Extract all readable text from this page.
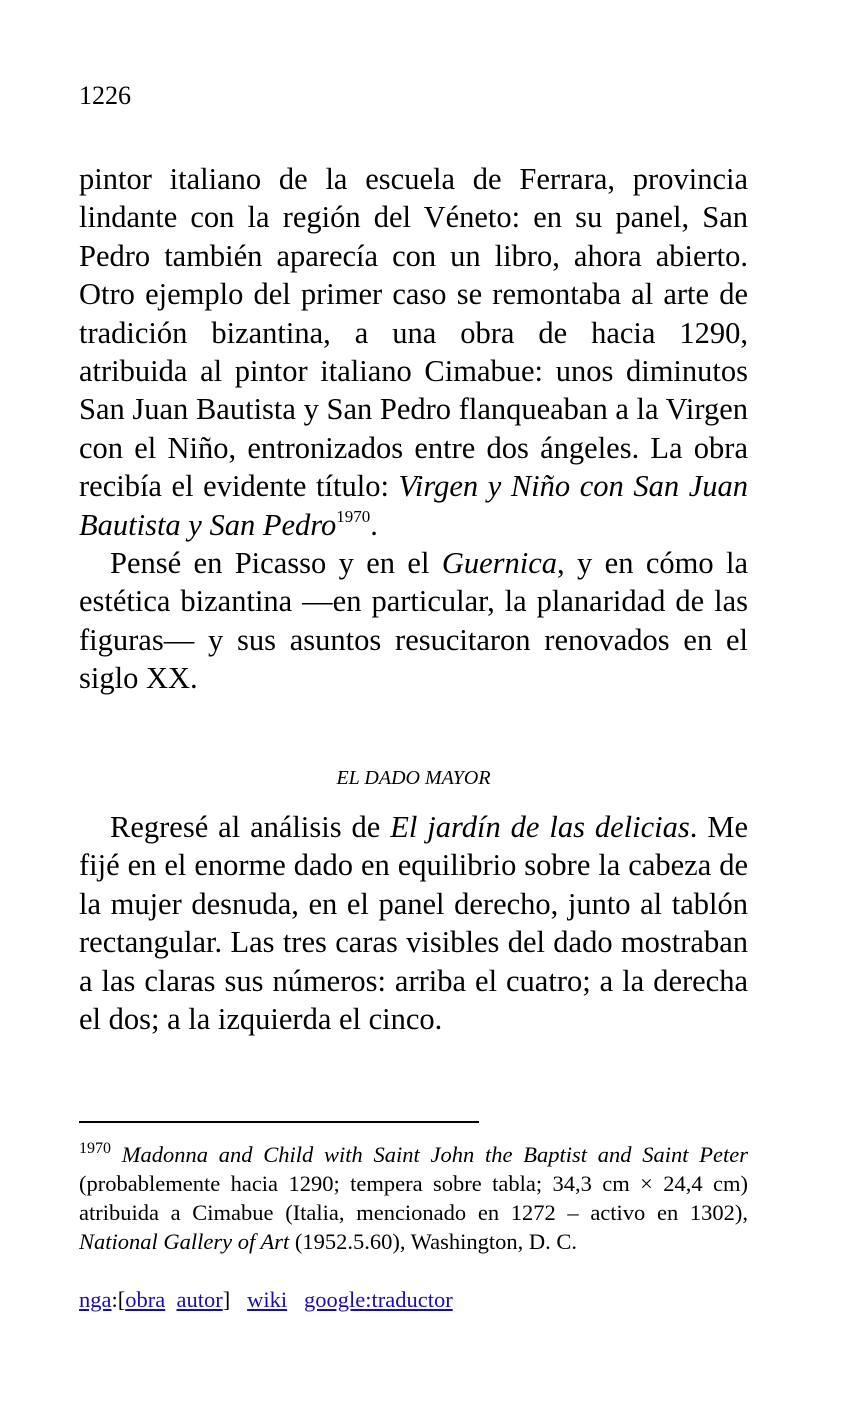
1226

pintor italiano de la escuela de Ferrara, provincia lindante con la región del Véneto: en su panel, San Pedro también aparecía con un libro, ahora abierto. Otro ejemplo del primer caso se remontaba al arte de tradición bizantina, a una obra de hacia 1290, atribuida al pintor italiano Cimabue: unos diminutos San Juan Bautista y San Pedro flanqueaban a la Virgen con el Niño, entronizados entre dos ángeles. La obra recibía el evidente título: Virgen y Niño con San Juan Bautista y San Pedro$^{1970}$.

Pensé en Picasso y en el Guernica, y en cómo la estética bizantina ―en particular, la planaridad de las figuras― y sus asuntos resucitaron renovados en el siglo XX.

EL DADO MAYOR

Regresé al análisis de El jardín de las delicias. Me fijé en el enorme dado en equilibrio sobre la cabeza de la mujer desnuda, en el panel derecho, junto al tablón rectangular. Las tres caras visibles del dado mostraban a las claras sus números: arriba el cuatro; a la derecha el dos; a la izquierda el cinco.

$^{1970}$ Madonna and Child with Saint John the Baptist and Saint Peter (probablemente hacia 1290; tempera sobre tabla; 34,3 cm × 24,4 cm) atribuida a Cimabue (Italia, mencionado en 1272 – activo en 1302), National Gallery of Art (1952.5.60), Washington, D. C.
nga:[obra autor] wiki google:traductor
